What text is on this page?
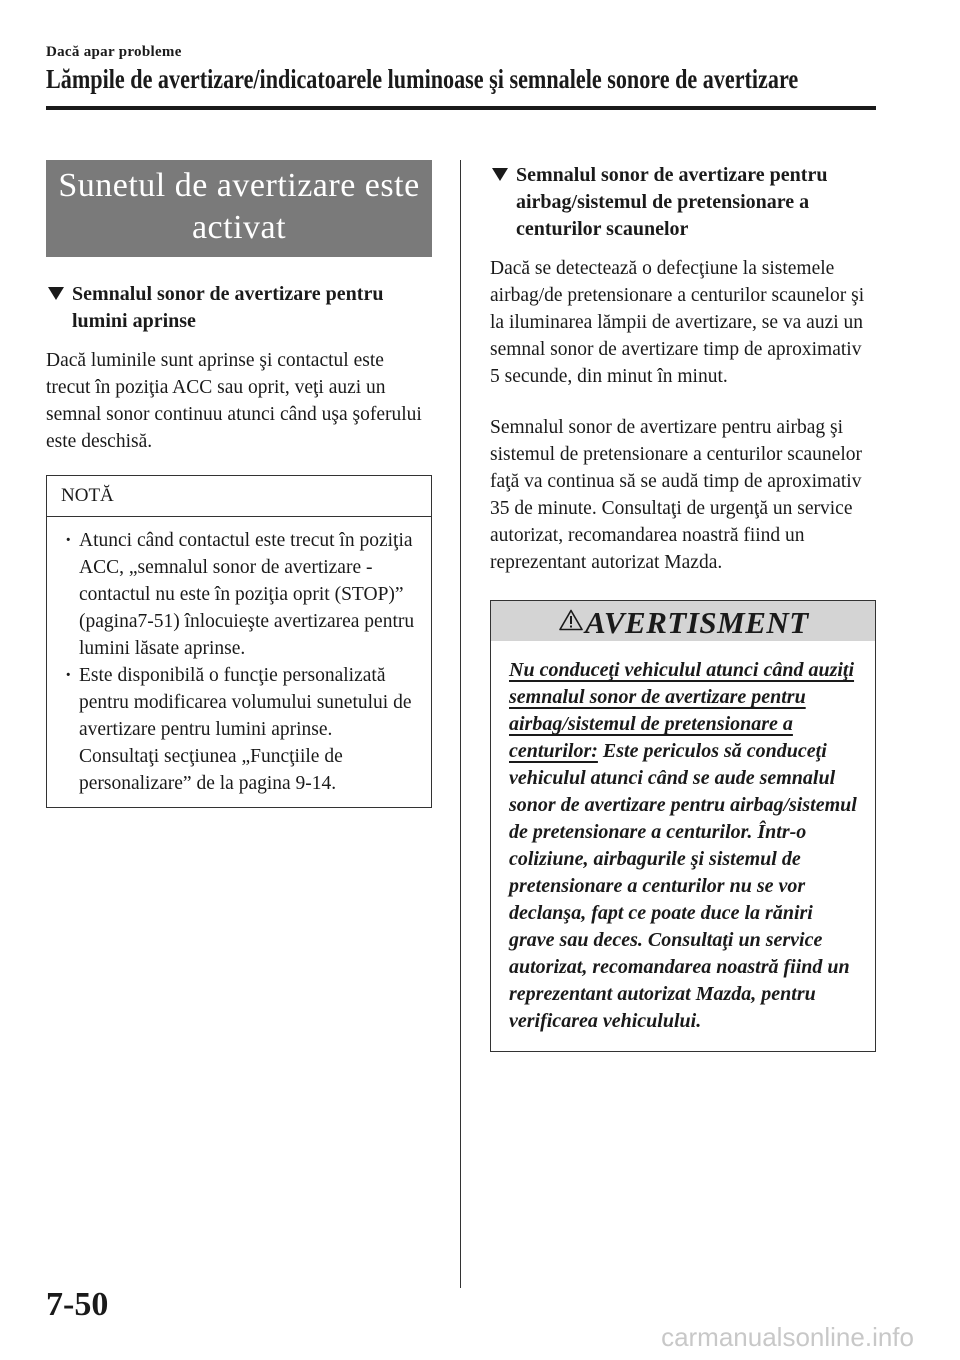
Dacă apar probleme
Lămpile de avertizare/indicatoarele luminoase şi semnalele sonore de avertizare
Sunetul de avertizare este activat
Semnalul sonor de avertizare pentru lumini aprinse
Dacă luminile sunt aprinse şi contactul este trecut în poziţia ACC sau oprit, veţi auzi un semnal sonor continuu atunci când uşa şoferului este deschisă.
NOTĂ
· Atunci când contactul este trecut în poziţia ACC, „semnalul sonor de avertizare - contactul nu este în poziţia oprit (STOP)” (pagina7-51) înlocuieşte avertizarea pentru lumini lăsate aprinse.
· Este disponibilă o funcţie personalizată pentru modificarea volumului sunetului de avertizare pentru lumini aprinse. Consultaţi secţiunea „Funcţiile de personalizare” de la pagina 9-14.
Semnalul sonor de avertizare pentru airbag/sistemul de pretensionare a centurilor scaunelor
Dacă se detectează o defecţiune la sistemele airbag/de pretensionare a centurilor scaunelor şi la iluminarea lămpii de avertizare, se va auzi un semnal sonor de avertizare timp de aproximativ 5 secunde, din minut în minut.
Semnalul sonor de avertizare pentru airbag şi sistemul de pretensionare a centurilor scaunelor faţă va continua să se audă timp de aproximativ 35 de minute. Consultaţi de urgenţă un service autorizat, recomandarea noastră fiind un reprezentant autorizat Mazda.
AVERTISMENT
Nu conduceţi vehiculul atunci când auziţi semnalul sonor de avertizare pentru airbag/sistemul de pretensionare a centurilor: Este periculos să conduceţi vehiculul atunci când se aude semnalul sonor de avertizare pentru airbag/sistemul de pretensionare a centurilor. Într-o coliziune, airbagurile şi sistemul de pretensionare a centurilor nu se vor declanşa, fapt ce poate duce la răniri grave sau deces. Consultaţi un service autorizat, recomandarea noastră fiind un reprezentant autorizat Mazda, pentru verificarea vehiculului.
7-50
carmanualsonline.info
